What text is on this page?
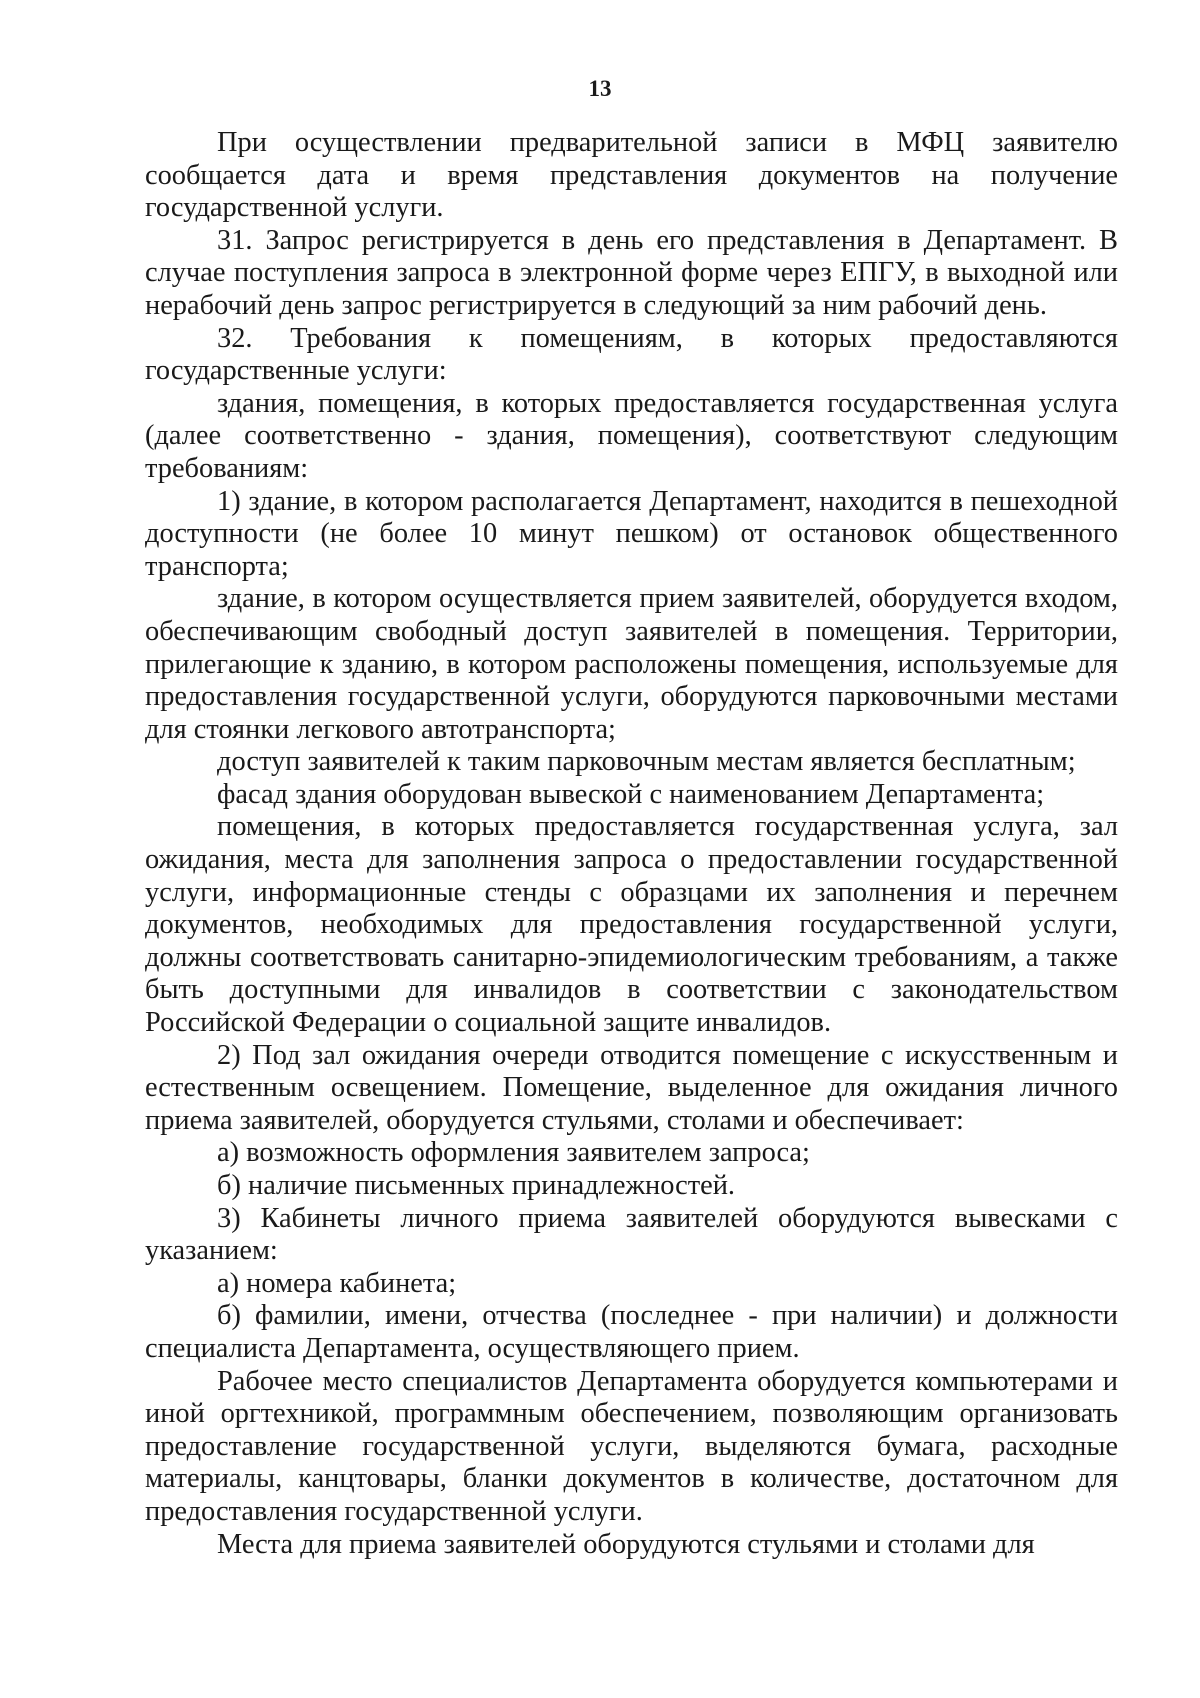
13

При осуществлении предварительной записи в МФЦ заявителю сообщается дата и время представления документов на получение государственной услуги.

31. Запрос регистрируется в день его представления в Департамент. В случае поступления запроса в электронной форме через ЕПГУ, в выходной или нерабочий день запрос регистрируется в следующий за ним рабочий день.

32. Требования к помещениям, в которых предоставляются государственные услуги:

здания, помещения, в которых предоставляется государственная услуга (далее соответственно - здания, помещения), соответствуют следующим требованиям:

1) здание, в котором располагается Департамент, находится в пешеходной доступности (не более 10 минут пешком) от остановок общественного транспорта;

здание, в котором осуществляется прием заявителей, оборудуется входом, обеспечивающим свободный доступ заявителей в помещения. Территории, прилегающие к зданию, в котором расположены помещения, используемые для предоставления государственной услуги, оборудуются парковочными местами для стоянки легкового автотранспорта;

доступ заявителей к таким парковочным местам является бесплатным;

фасад здания оборудован вывеской с наименованием Департамента;

помещения, в которых предоставляется государственная услуга, зал ожидания, места для заполнения запроса о предоставлении государственной услуги, информационные стенды с образцами их заполнения и перечнем документов, необходимых для предоставления государственной услуги, должны соответствовать санитарно-эпидемиологическим требованиям, а также быть доступными для инвалидов в соответствии с законодательством Российской Федерации о социальной защите инвалидов.

2) Под зал ожидания очереди отводится помещение с искусственным и естественным освещением. Помещение, выделенное для ожидания личного приема заявителей, оборудуется стульями, столами и обеспечивает:

а) возможность оформления заявителем запроса;

б) наличие письменных принадлежностей.

3) Кабинеты личного приема заявителей оборудуются вывесками с указанием:

а) номера кабинета;

б) фамилии, имени, отчества (последнее - при наличии) и должности специалиста Департамента, осуществляющего прием.

Рабочее место специалистов Департамента оборудуется компьютерами и иной оргтехникой, программным обеспечением, позволяющим организовать предоставление государственной услуги, выделяются бумага, расходные материалы, канцтовары, бланки документов в количестве, достаточном для предоставления государственной услуги.

Места для приема заявителей оборудуются стульями и столами для
